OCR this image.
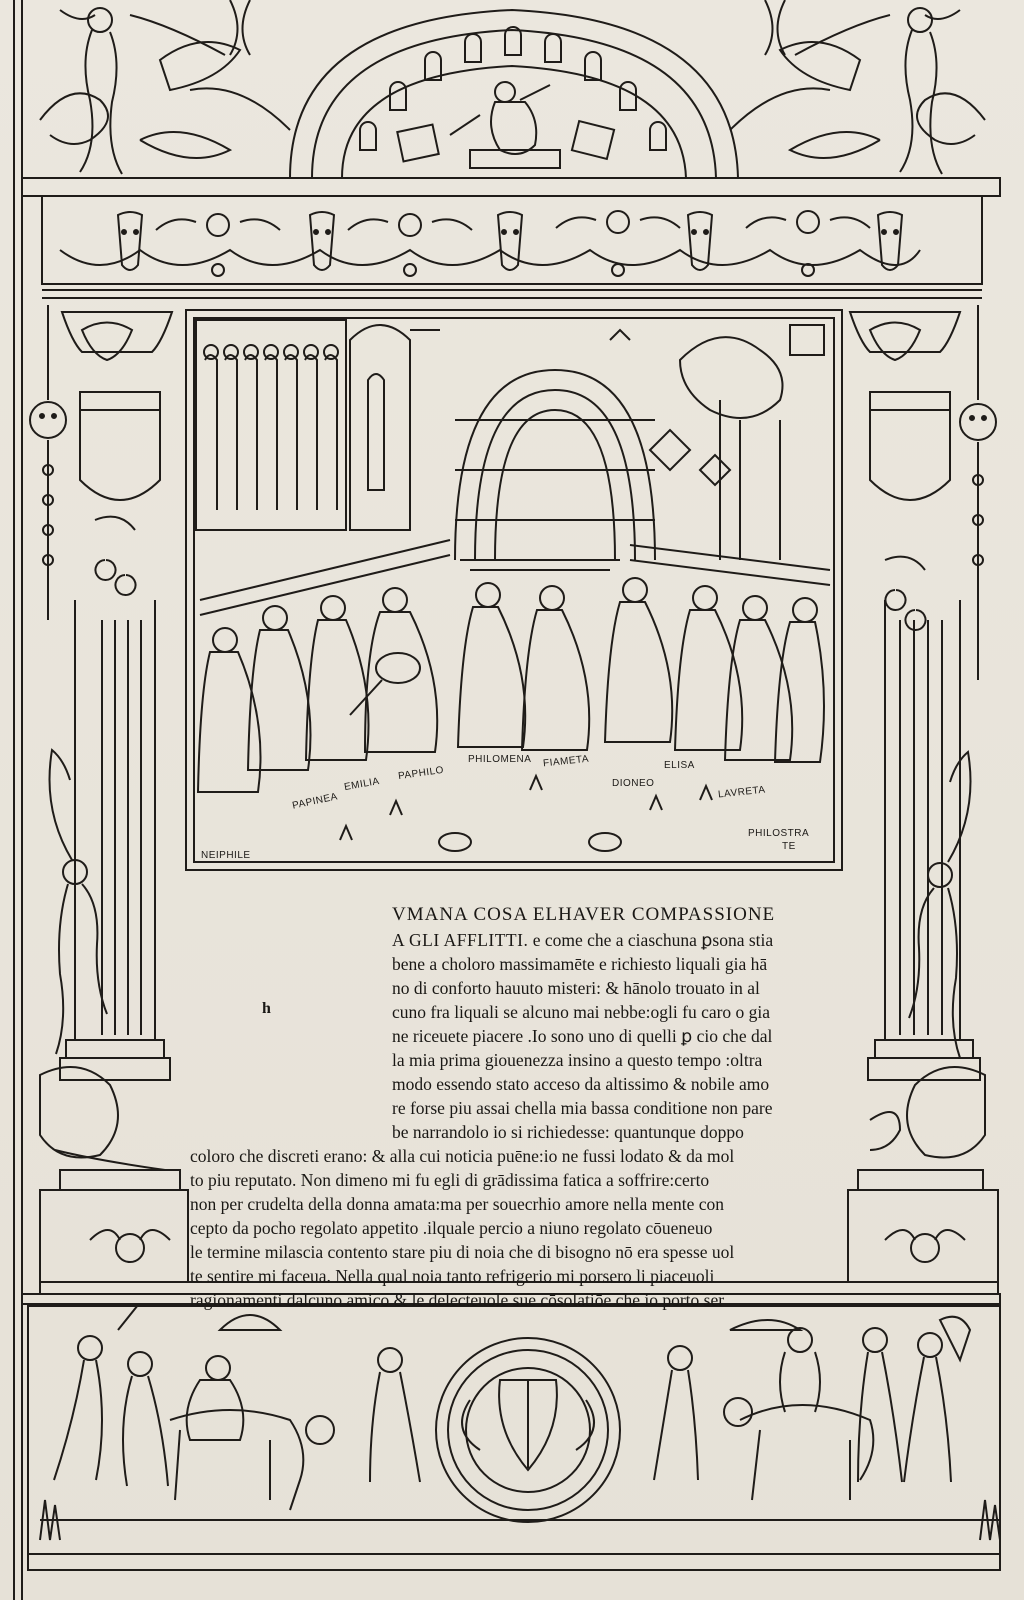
NEIPHILE
PAPINEA
EMILIA
PAPHILO
PHILOMENA FIAMETA
DIONEO
ELISA
LAVRETA
PHILOSTRA
TE
h
VMANA COSA ELHAVER COMPASSIONE
A GLI AFFLITTI. e come che a ciaschuna ꝑsona stia
bene a choloro massimamēte e richiesto liquali gia hā
no di conforto hauuto misteri: & hānolo trouato in al
cuno fra liquali se alcuno mai nebbe:ogli fu caro o gia
ne riceuete piacere .Io sono uno di quelli ꝑ cio che dal
la mia prima giouenezza insino a questo tempo :oltra
modo essendo stato acceso da altissimo & nobile amo
re forse piu assai chella mia bassa conditione non pare
be narrandolo io si richiedesse: quantunque doppo
coloro che discreti erano: & alla cui noticia puēne:io ne fussi lodato & da mol
to piu reputato. Non dimeno mi fu egli di grādissima fatica a soffrire:certo
non per crudelta della donna amata:ma per souecrhio amore nella mente con
cepto da pocho regolato appetito .ilquale percio a niuno regolato cōueneuo
le termine milascia contento stare piu di noia che di bisogno nō era spesse uol
te sentire mi faceua. Nella qual noia tanto refrigerio mi porsero li piaceuoli
ragionamenti dalcuno amico & le delecteuole sue cōsolatiōe che io porto ser
